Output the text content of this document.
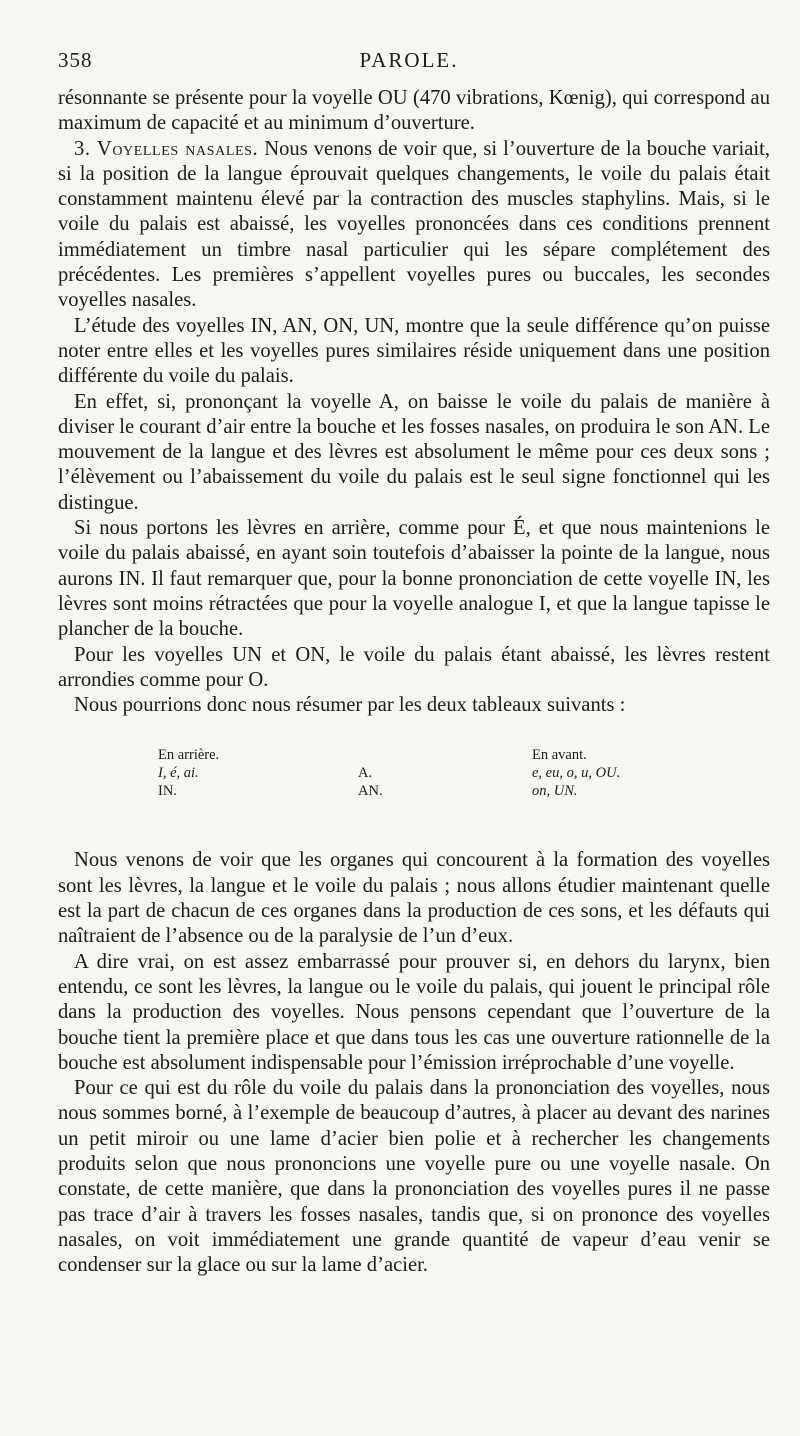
358	PAROLE.

résonnante se présente pour la voyelle OU (470 vibrations, Kœnig), qui correspond au maximum de capacité et au minimum d’ouverture.

3. Voyelles nasales. Nous venons de voir que, si l’ouverture de la bouche variait, si la position de la langue éprouvait quelques changements, le voile du palais était constamment maintenu élevé par la contraction des muscles staphylins. Mais, si le voile du palais est abaissé, les voyelles prononcées dans ces conditions prennent immédiatement un timbre nasal particulier qui les sépare complétement des précédentes. Les premières s’appellent voyelles pures ou buccales, les secondes voyelles nasales.

L’étude des voyelles IN, AN, ON, UN, montre que la seule différence qu’on puisse noter entre elles et les voyelles pures similaires réside uniquement dans une position différente du voile du palais.

En effet, si, prononçant la voyelle A, on baisse le voile du palais de manière à diviser le courant d’air entre la bouche et les fosses nasales, on produira le son AN. Le mouvement de la langue et des lèvres est absolument le même pour ces deux sons ; l’élèvement ou l’abaissement du voile du palais est le seul signe fonctionnel qui les distingue.

Si nous portons les lèvres en arrière, comme pour É, et que nous maintenions le voile du palais abaissé, en ayant soin toutefois d’abaisser la pointe de la langue, nous aurons IN. Il faut remarquer que, pour la bonne prononciation de cette voyelle IN, les lèvres sont moins rétractées que pour la voyelle analogue I, et que la langue tapisse le plancher de la bouche.

Pour les voyelles UN et ON, le voile du palais étant abaissé, les lèvres restent arrondies comme pour O.

Nous pourrions donc nous résumer par les deux tableaux suivants :

En arrière.
I, é, ai.
IN.

A.
AN.
En avant.
e, eu, o, u, OU.
on, UN.

Nous venons de voir que les organes qui concourent à la formation des voyelles sont les lèvres, la langue et le voile du palais ; nous allons étudier maintenant quelle est la part de chacun de ces organes dans la production de ces sons, et les défauts qui naîtraient de l’absence ou de la paralysie de l’un d’eux.

A dire vrai, on est assez embarrassé pour prouver si, en dehors du larynx, bien entendu, ce sont les lèvres, la langue ou le voile du palais, qui jouent le principal rôle dans la production des voyelles. Nous pensons cependant que l’ouverture de la bouche tient la première place et que dans tous les cas une ouverture rationnelle de la bouche est absolument indispensable pour l’émission irréprochable d’une voyelle.

Pour ce qui est du rôle du voile du palais dans la prononciation des voyelles, nous nous sommes borné, à l’exemple de beaucoup d’autres, à placer au devant des narines un petit miroir ou une lame d’acier bien polie et à rechercher les changements produits selon que nous prononcions une voyelle pure ou une voyelle nasale. On constate, de cette manière, que dans la prononciation des voyelles pures il ne passe pas trace d’air à travers les fosses nasales, tandis que, si on prononce des voyelles nasales, on voit immédiatement une grande quantité de vapeur d’eau venir se condenser sur la glace ou sur la lame d’acier.
